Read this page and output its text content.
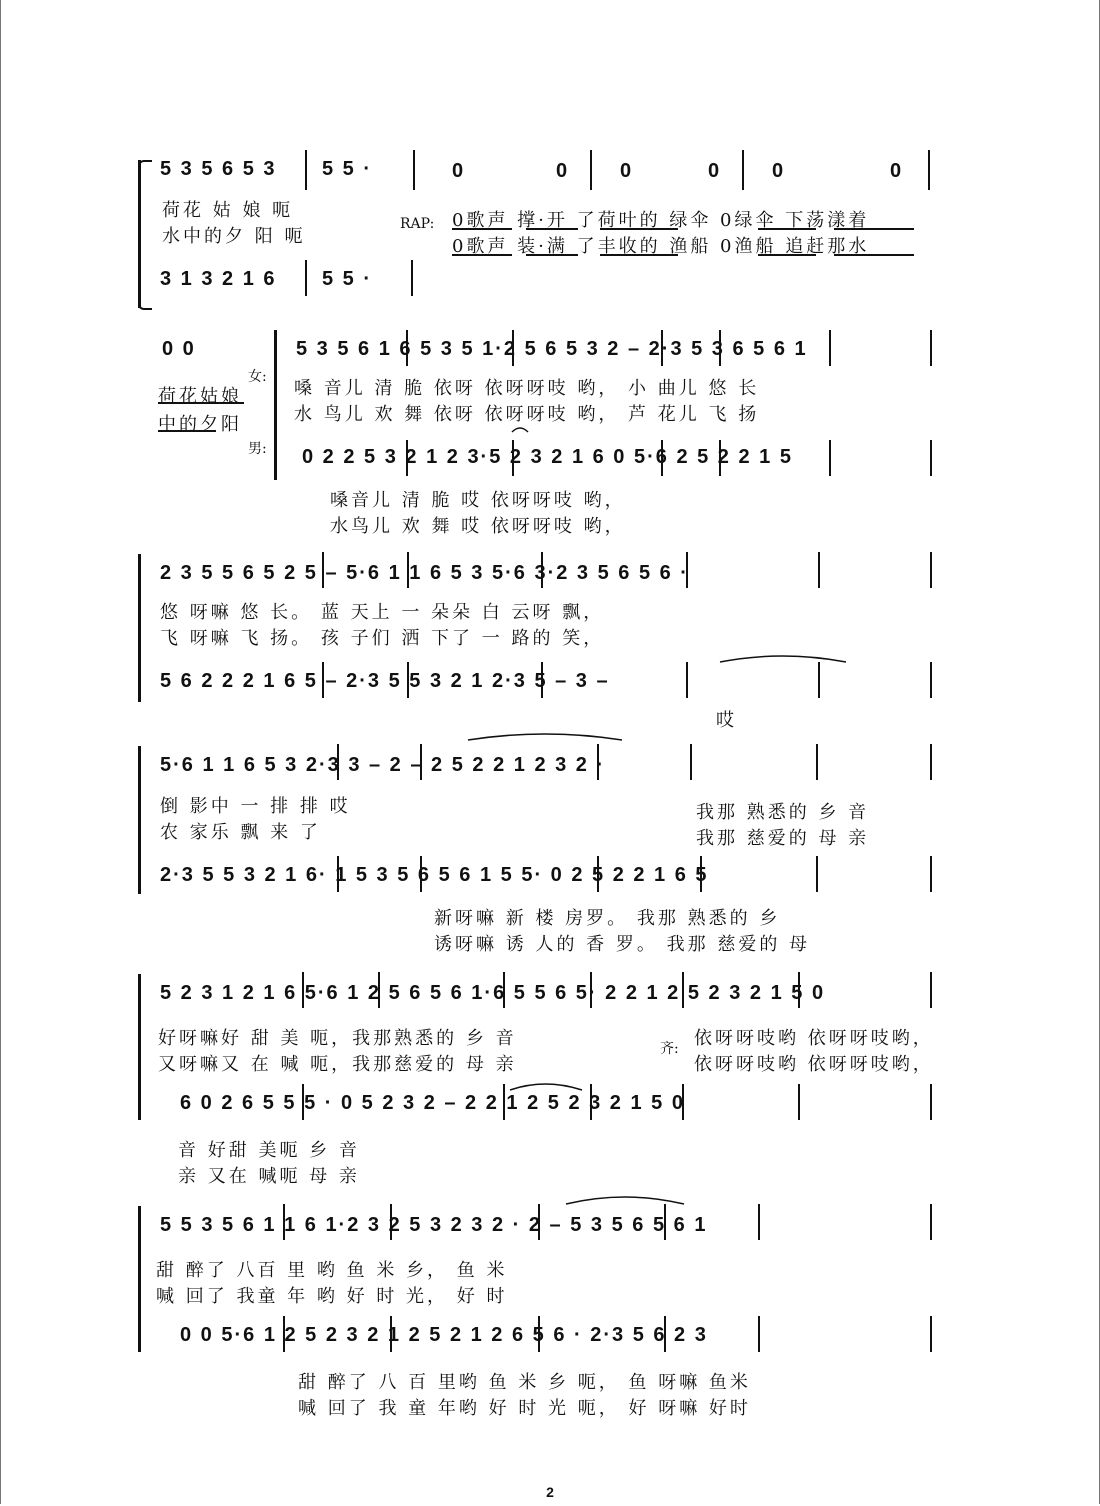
5 3 5 6 5 3 5 5 ·	0	0	0	0	0	0
3 1 3 2 1 6 5 5 ·
荷花 姑 娘 呃
水中的夕 阳 呃
0歌声 撑·开 了荷叶的 绿伞 0绿伞 下荡漾着
0歌声 装·满 了丰收的 渔船 0渔船 追赶那水
RAP:
0 0	5 3 5 6 1 6 5 3 5 1·2 5 6 5 3 2 – 2·3 5 3 6 5 6 1
0 2 2 5 3 2 1 2 3·5 2 3 2 1 6 0 5·6 2 5 2 2 1 5
荷花姑娘
中的夕阳
嗓 音儿 清 脆 依呀 依呀呀吱 哟， 小 曲儿 悠 长
水 鸟儿 欢 舞 依呀 依呀呀吱 哟， 芦 花儿 飞 扬
嗓音儿 清 脆 哎 依呀呀吱 哟，
水鸟儿 欢 舞 哎 依呀呀吱 哟，
女:
男:
2 3 5 5 6 5 2 5 – 5·6 1 1 6 5 3 5·6 3·2 3 5 6 5 6 ·
5 6 2 2 2 1 6 5 – 2·3 5 5 3 2 1 2·3 5 – 3 –
悠 呀嘛 悠 长。 蓝 天上 一 朵朵 白 云呀 飘，
飞 呀嘛 飞 扬。 孩 子们 洒 下了 一 路的 笑，
哎
5·6 1 1 6 5 3 2·3 3 – 2 – 2 5 2 2 1 2 3 2 ·
2·3 5 5 3 2 1 6· 1 5 3 5 6 5 6 1 5 5· 0 2 5 2 2 1 6 5
倒 影中 一 排 排 哎
农 家乐 飘 来 了
我那 熟悉的 乡 音
我那 慈爱的 母 亲
新呀嘛 新 楼 房罗。 我那 熟悉的 乡
诱呀嘛 诱 人的 香 罗。 我那 慈爱的 母
5 2 3 1 2 1 6 5·6 1 2 5 6 5 6 1·6 5 5 6 5· 2 2 1 2 5 2 3 2 1 5 0
6 0 2 6 5 5 5 · 0 5 2 3 2 – 2 2 1 2 5 2 3 2 1 5 0
好呀嘛好 甜 美 呃，我那熟悉的 乡 音
又呀嘛又 在 喊 呃，我那慈爱的 母 亲
依呀呀吱哟 依呀呀吱哟，
依呀呀吱哟 依呀呀吱哟，
音 好甜 美呃 乡 音
亲 又在 喊呃 母 亲
齐:
5 5 3 5 6 1 1 6 1·2 3 2 5 3 2 3 2 · 2 – 5 3 5 6 5 6 1
0 0 5·6 1 2 5 2 3 2 1 2 5 2 1 2 6 5 6 · 2·3 5 6 2 3
甜 醉了 八百 里 哟 鱼 米 乡， 鱼 米
喊 回了 我童 年 哟 好 时 光， 好 时
甜 醉了 八 百 里哟 鱼 米 乡 呃， 鱼 呀嘛 鱼米
喊 回了 我 童 年哟 好 时 光 呃， 好 呀嘛 好时
2
